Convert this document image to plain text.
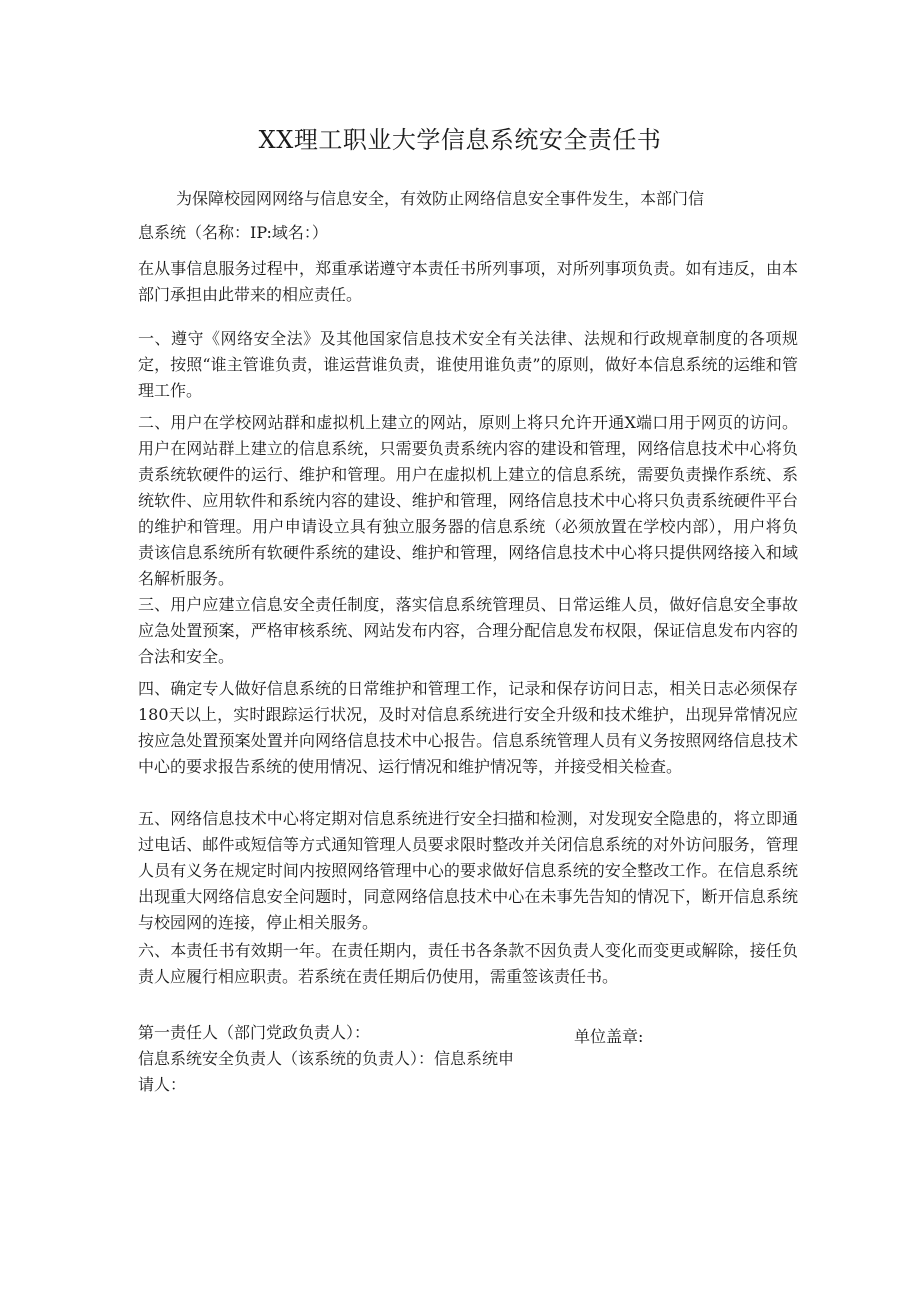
XX理工职业大学信息系统安全责任书

为保障校园网网络与信息安全，有效防止网络信息安全事件发生，本部门信

息系统（名称：IP:域名：）

在从事信息服务过程中，郑重承诺遵守本责任书所列事项，对所列事项负责。如有违反，由本部门承担由此带来的相应责任。

一、遵守《网络安全法》及其他国家信息技术安全有关法律、法规和行政规章制度的各项规定，按照“谁主管谁负责，谁运营谁负责，谁使用谁负责”的原则，做好本信息系统的运维和管理工作。

二、用户在学校网站群和虚拟机上建立的网站，原则上将只允许开通X端口用于网页的访问。用户在网站群上建立的信息系统，只需要负责系统内容的建设和管理，网络信息技术中心将负责系统软硬件的运行、维护和管理。用户在虚拟机上建立的信息系统，需要负责操作系统、系统软件、应用软件和系统内容的建设、维护和管理，网络信息技术中心将只负责系统硬件平台的维护和管理。用户申请设立具有独立服务器的信息系统（必须放置在学校内部），用户将负责该信息系统所有软硬件系统的建设、维护和管理，网络信息技术中心将只提供网络接入和域名解析服务。

三、用户应建立信息安全责任制度，落实信息系统管理员、日常运维人员，做好信息安全事故应急处置预案，严格审核系统、网站发布内容，合理分配信息发布权限，保证信息发布内容的合法和安全。

四、确定专人做好信息系统的日常维护和管理工作，记录和保存访问日志，相关日志必须保存180天以上，实时跟踪运行状况，及时对信息系统进行安全升级和技术维护，出现异常情况应按应急处置预案处置并向网络信息技术中心报告。信息系统管理人员有义务按照网络信息技术中心的要求报告系统的使用情况、运行情况和维护情况等，并接受相关检查。

五、网络信息技术中心将定期对信息系统进行安全扫描和检测，对发现安全隐患的，将立即通过电话、邮件或短信等方式通知管理人员要求限时整改并关闭信息系统的对外访问服务，管理人员有义务在规定时间内按照网络管理中心的要求做好信息系统的安全整改工作。在信息系统出现重大网络信息安全问题时，同意网络信息技术中心在未事先告知的情况下，断开信息系统与校园网的连接，停止相关服务。

六、本责任书有效期一年。在责任期内，责任书各条款不因负责人变化而变更或解除，接任负责人应履行相应职责。若系统在责任期后仍使用，需重签该责任书。

第一责任人（部门党政负责人）：	单位盖章:

信息系统安全负责人（该系统的负责人）：信息系统申

请人：
